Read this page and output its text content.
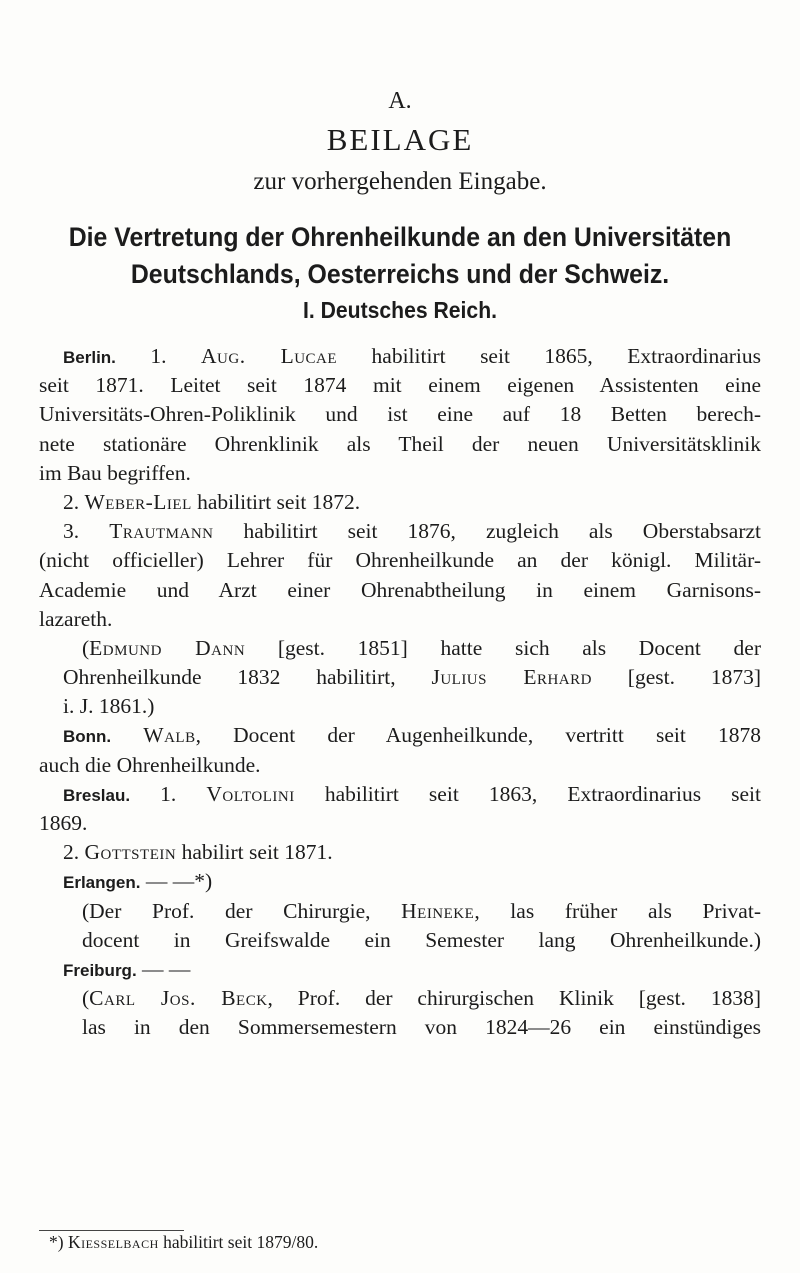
A.
BEILAGE
zur vorhergehenden Eingabe.
Die Vertretung der Ohrenheilkunde an den Universitäten
Deutschlands, Oesterreichs und der Schweiz.
I. Deutsches Reich.
Berlin. 1. Aug. Lucae habilitirt seit 1865, Extraordinarius
seit 1871. Leitet seit 1874 mit einem eigenen Assistenten eine
Universitäts-Ohren-Poliklinik und ist eine auf 18 Betten berech-
nete stationäre Ohrenklinik als Theil der neuen Universitätsklinik
im Bau begriffen.
2. Weber-Liel habilitirt seit 1872.
3. Trautmann habilitirt seit 1876, zugleich als Oberstabsarzt
(nicht officieller) Lehrer für Ohrenheilkunde an der königl. Militär-
Academie und Arzt einer Ohrenabtheilung in einem Garnisons-
lazareth.
(Edmund Dann [gest. 1851] hatte sich als Docent der
Ohrenheilkunde 1832 habilitirt, Julius Erhard [gest. 1873]
i. J. 1861.)
Bonn. Walb, Docent der Augenheilkunde, vertritt seit 1878
auch die Ohrenheilkunde.
Breslau. 1. Voltolini habilitirt seit 1863, Extraordinarius seit
1869.
2. Gottstein habilirt seit 1871.
Erlangen. — —*)
(Der Prof. der Chirurgie, Heineke, las früher als Privat-
docent in Greifswalde ein Semester lang Ohrenheilkunde.)
Freiburg. — —
(Carl Jos. Beck, Prof. der chirurgischen Klinik [gest. 1838]
las in den Sommersemestern von 1824—26 ein einstündiges
*) Kiesselbach habilitirt seit 1879/80.
